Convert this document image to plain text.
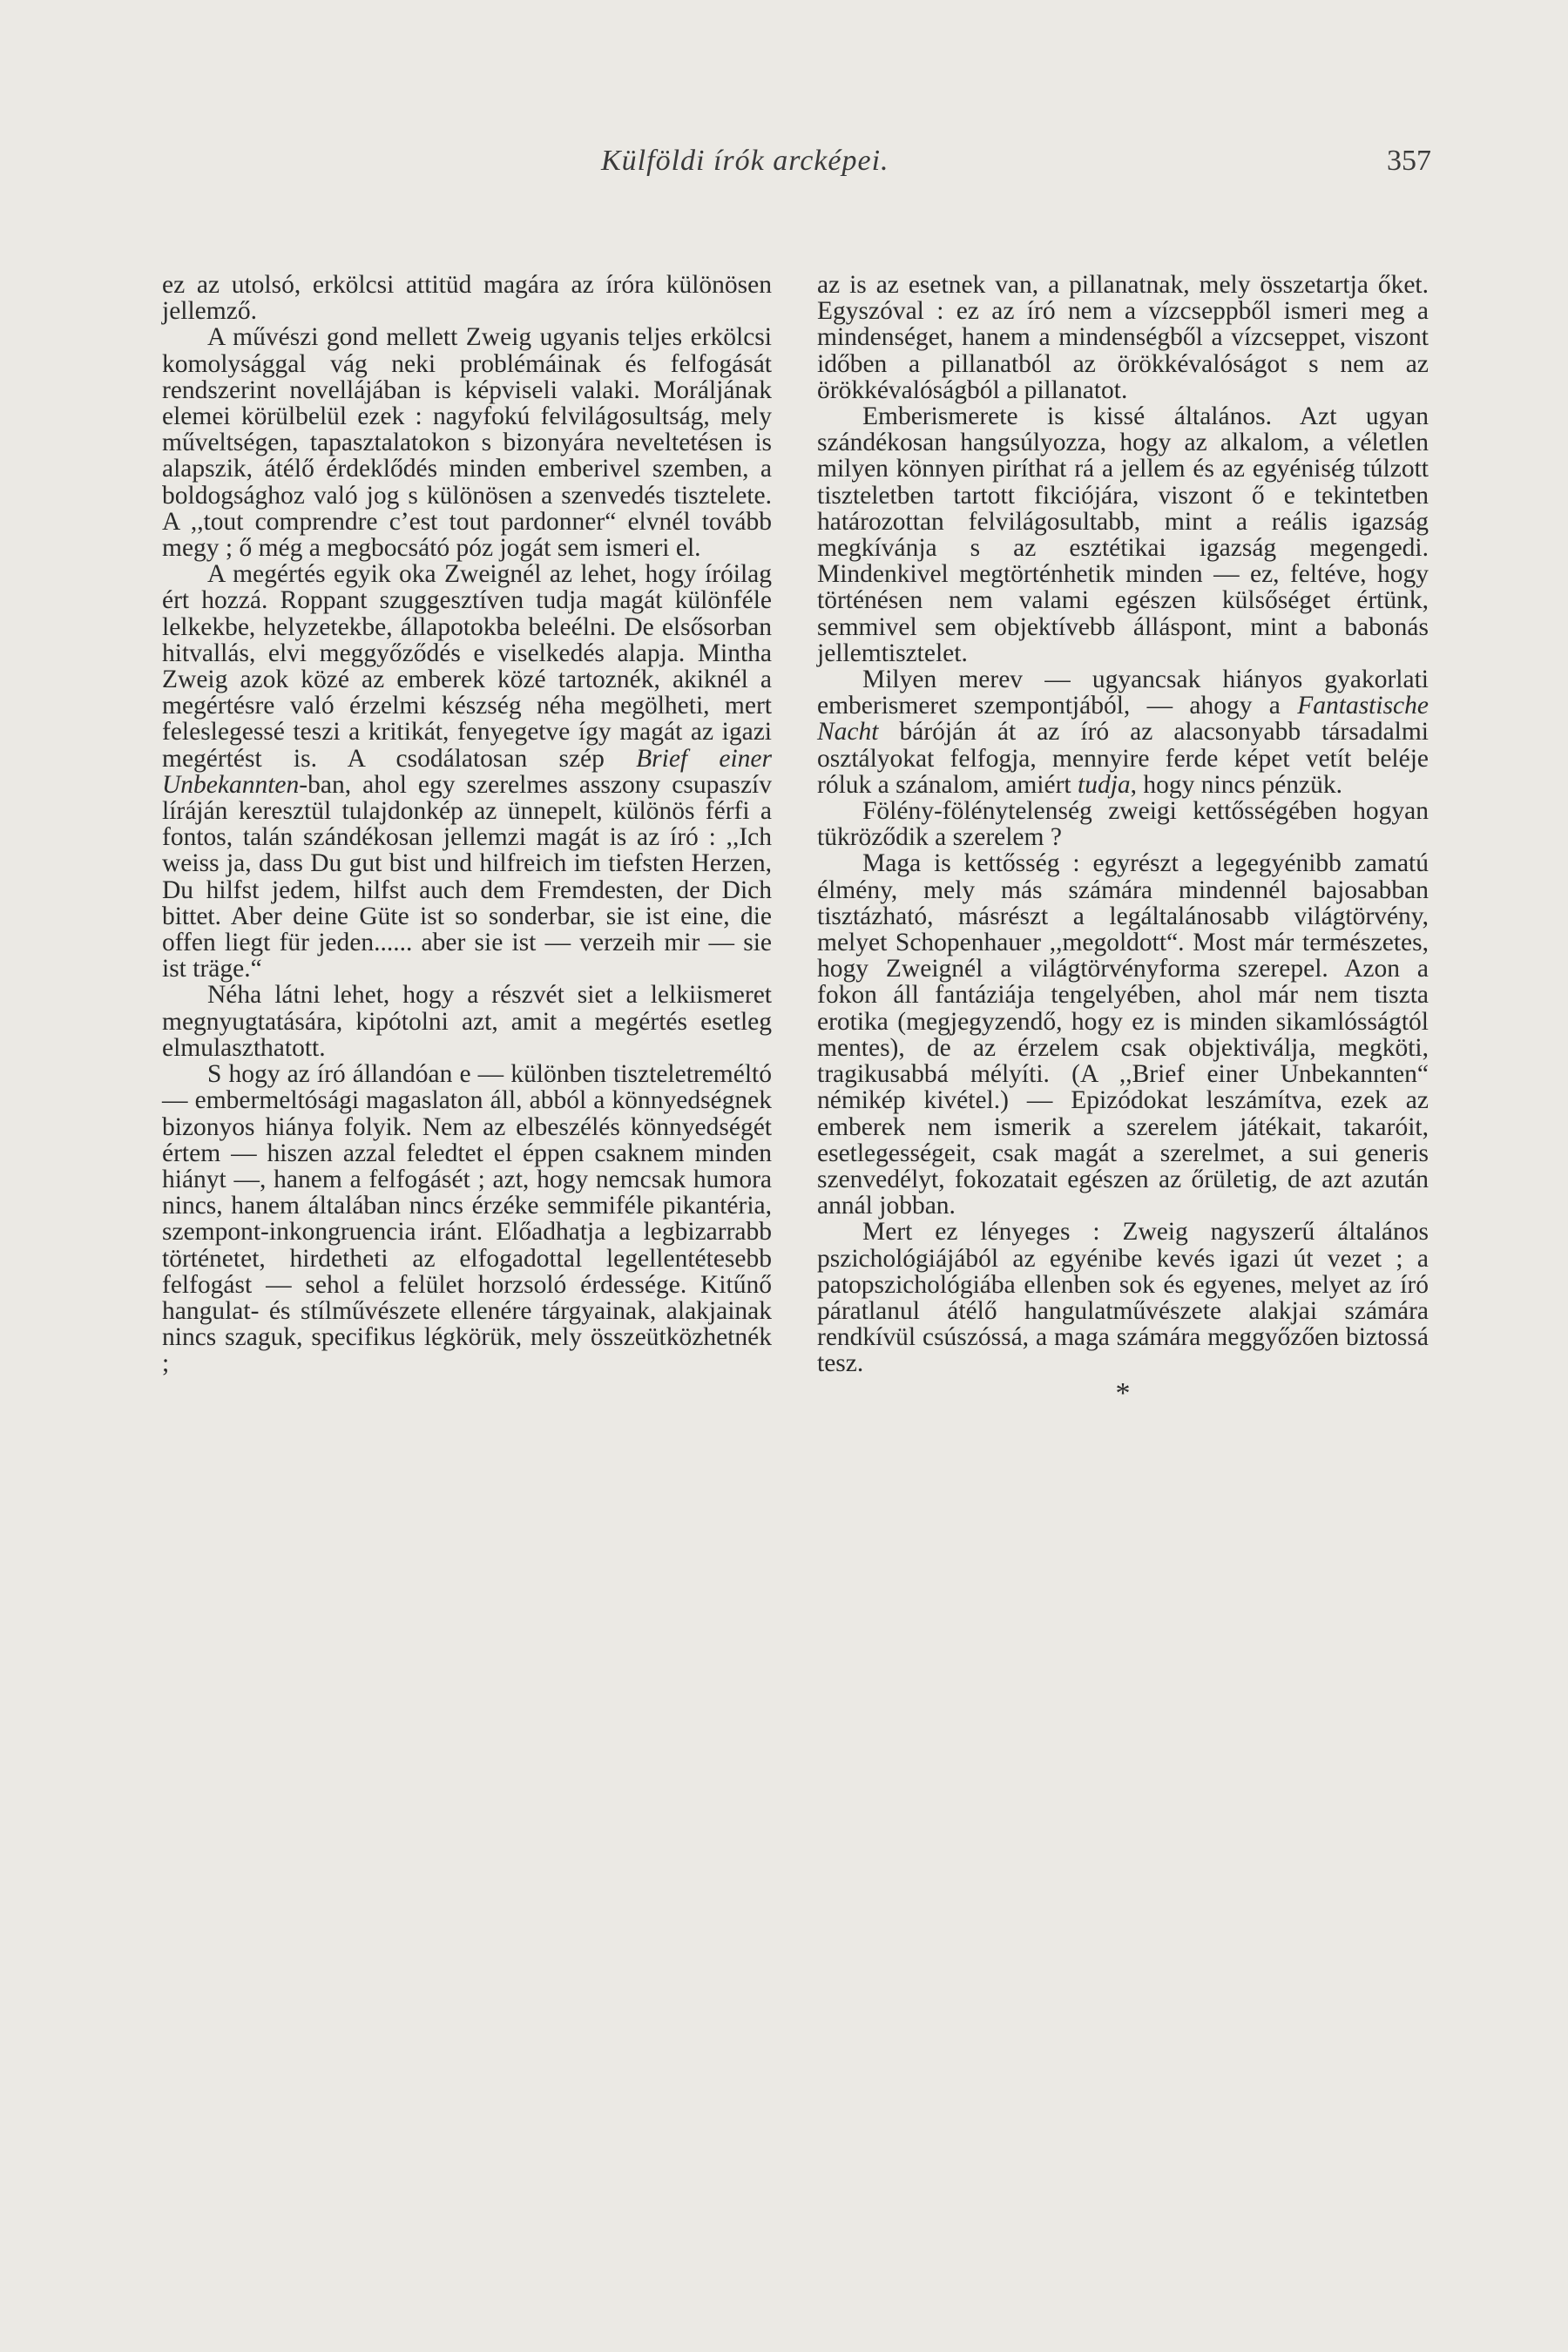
Külföldi írók arcképei.	357

ez az utolsó, erkölcsi attitüd magára az íróra különösen jellemző.

A művészi gond mellett Zweig ugyanis teljes erkölcsi komolysággal vág neki problémáinak és felfogását rendszerint novellájában is képviseli valaki. Moráljának elemei körülbelül ezek : nagyfokú felvilágosultság, mely műveltségen, tapasztalatokon s bizonyára neveltetésen is alapszik, átélő érdeklődés minden emberivel szemben, a boldogsághoz való jog s különösen a szenvedés tisztelete. A ,,tout comprendre c’est tout pardonner“ elvnél tovább megy ; ő még a megbocsátó póz jogát sem ismeri el.

A megértés egyik oka Zweignél az lehet, hogy íróilag ért hozzá. Roppant szuggesztíven tudja magát különféle lelkekbe, helyzetekbe, állapotokba beleélni. De elsősorban hitvallás, elvi meggyőződés e viselkedés alapja. Mintha Zweig azok közé az emberek közé tartoznék, akiknél a megértésre való érzelmi készség néha megölheti, mert feleslegessé teszi a kritikát, fenyegetve így magát az igazi megértést is. A csodálatosan szép Brief einer Unbekannten-ban, ahol egy szerelmes asszony csupaszív líráján keresztül tulajdonkép az ünnepelt, különös férfi a fontos, talán szándékosan jellemzi magát is az író : ,,Ich weiss ja, dass Du gut bist und hilfreich im tiefsten Herzen, Du hilfst jedem, hilfst auch dem Fremdesten, der Dich bittet. Aber deine Güte ist so sonderbar, sie ist eine, die offen liegt für jeden...... aber sie ist — verzeih mir — sie ist träge.“

Néha látni lehet, hogy a részvét siet a lelkiismeret megnyugtatására, kipótolni azt, amit a megértés esetleg elmulaszthatott.

S hogy az író állandóan e — különben tiszteletreméltó — embermeltósági magaslaton áll, abból a könnyedségnek bizonyos hiánya folyik. Nem az elbeszélés könnyedségét értem — hiszen azzal feledtet el éppen csaknem minden hiányt —, hanem a felfogásét ; azt, hogy nemcsak humora nincs, hanem általában nincs érzéke semmiféle pikantéria, szempont-inkongruencia iránt. Előadhatja a legbizarrabb történetet, hirdetheti az elfogadottal legellentétesebb felfogást — sehol a felület horzsoló érdessége. Kitűnő hangulat- és stílművészete ellenére tárgyainak, alakjainak nincs szaguk, specifikus légkörük, mely összeütközhetnék ;

az is az esetnek van, a pillanatnak, mely összetartja őket. Egyszóval : ez az író nem a vízcseppből ismeri meg a mindenséget, hanem a mindenségből a vízcseppet, viszont időben a pillanatból az örökkévalóságot s nem az örökkévalóságból a pillanatot.

Emberismerete is kissé általános. Azt ugyan szándékosan hangsúlyozza, hogy az alkalom, a véletlen milyen könnyen piríthat rá a jellem és az egyéniség túlzott tiszteletben tartott fikciójára, viszont ő e tekintetben határozottan felvilágosultabb, mint a reális igazság megkívánja s az esztétikai igazság megengedi. Mindenkivel megtörténhetik minden — ez, feltéve, hogy történésen nem valami egészen külsőséget értünk, semmivel sem objektívebb álláspont, mint a babonás jellemtisztelet.

Milyen merev — ugyancsak hiányos gyakorlati emberismeret szempontjából, — ahogy a Fantastische Nacht báróján át az író az alacsonyabb társadalmi osztályokat felfogja, mennyire ferde képet vetít beléje róluk a szánalom, amiért tudja, hogy nincs pénzük.

Fölény-fölénytelenség zweigi kettősségében hogyan tükröződik a szerelem ?

Maga is kettősség : egyrészt a legegyénibb zamatú élmény, mely más számára mindennél bajosabban tisztázható, másrészt a legáltalánosabb világtörvény, melyet Schopenhauer ,,megoldott“. Most már természetes, hogy Zweignél a világtörvényforma szerepel. Azon a fokon áll fantáziája tengelyében, ahol már nem tiszta erotika (megjegyzendő, hogy ez is minden sikamlósságtól mentes), de az érzelem csak objektiválja, megköti, tragikusabbá mélyíti. (A ,,Brief einer Unbekannten“ némikép kivétel.) — Epizódokat leszámítva, ezek az emberek nem ismerik a szerelem játékait, takaróit, esetlegességeit, csak magát a szerelmet, a sui generis szenvedélyt, fokozatait egészen az őrületig, de azt azután annál jobban.

Mert ez lényeges : Zweig nagyszerű általános pszichológiájából az egyénibe kevés igazi út vezet ; a patopszichológiába ellenben sok és egyenes, melyet az író páratlanul átélő hangulatművészete alakjai számára rendkívül csúszóssá, a maga számára meggyőzően biztossá tesz.

*
